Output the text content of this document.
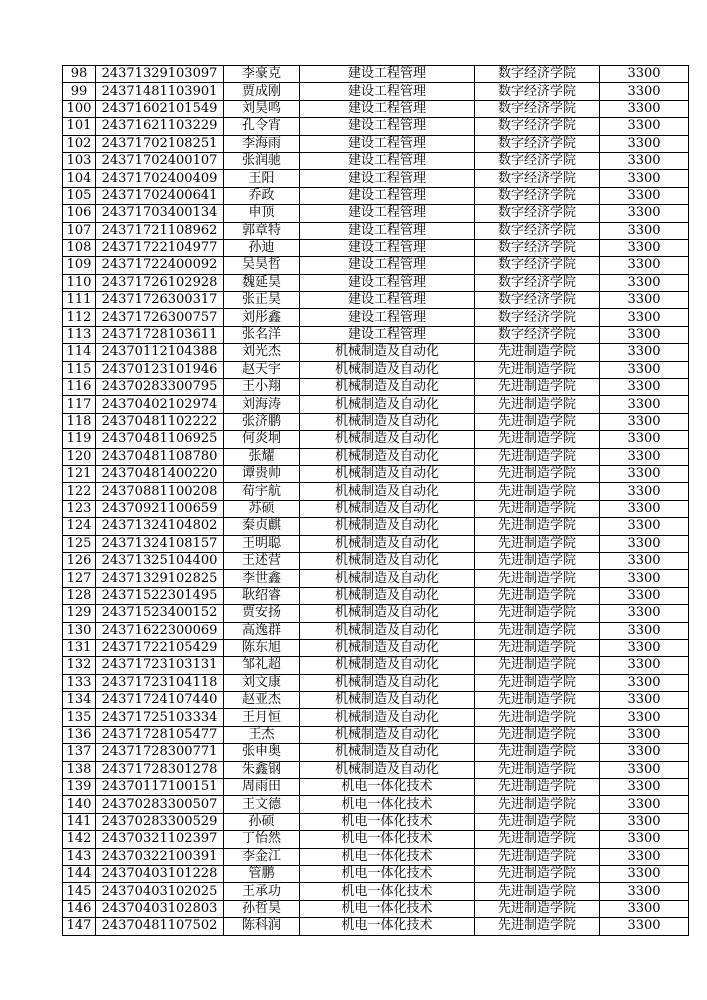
98	24371329103097	李豪克	建设工程管理	数字经济学院	3300
99	24371481103901	贾成刚	建设工程管理	数字经济学院	3300
100	24371602101549	刘昊鸣	建设工程管理	数字经济学院	3300
101	24371621103229	孔令宵	建设工程管理	数字经济学院	3300
102	24371702108251	李海雨	建设工程管理	数字经济学院	3300
103	24371702400107	张润驰	建设工程管理	数字经济学院	3300
104	24371702400409	王阳	建设工程管理	数字经济学院	3300
105	24371702400641	乔政	建设工程管理	数字经济学院	3300
106	24371703400134	申顶	建设工程管理	数字经济学院	3300
107	24371721108962	郭章特	建设工程管理	数字经济学院	3300
108	24371722104977	孙迪	建设工程管理	数字经济学院	3300
109	24371722400092	吴昊哲	建设工程管理	数字经济学院	3300
110	24371726102928	魏延昊	建设工程管理	数字经济学院	3300
111	24371726300317	张正昊	建设工程管理	数字经济学院	3300
112	24371726300757	刘彤鑫	建设工程管理	数字经济学院	3300
113	24371728103611	张名洋	建设工程管理	数字经济学院	3300
114	24370112104388	刘光杰	机械制造及自动化	先进制造学院	3300
115	24370123101946	赵天宇	机械制造及自动化	先进制造学院	3300
116	24370283300795	王小翔	机械制造及自动化	先进制造学院	3300
117	24370402102974	刘海涛	机械制造及自动化	先进制造学院	3300
118	24370481102222	张济鹏	机械制造及自动化	先进制造学院	3300
119	24370481106925	何炎垌	机械制造及自动化	先进制造学院	3300
120	24370481108780	张耀	机械制造及自动化	先进制造学院	3300
121	24370481400220	谭贵帅	机械制造及自动化	先进制造学院	3300
122	24370881100208	荀宇航	机械制造及自动化	先进制造学院	3300
123	24370921100659	苏硕	机械制造及自动化	先进制造学院	3300
124	24371324104802	秦贞麒	机械制造及自动化	先进制造学院	3300
125	24371324108157	王明聪	机械制造及自动化	先进制造学院	3300
126	24371325104400	王述营	机械制造及自动化	先进制造学院	3300
127	24371329102825	李世鑫	机械制造及自动化	先进制造学院	3300
128	24371522301495	耿绍睿	机械制造及自动化	先进制造学院	3300
129	24371523400152	贾安扬	机械制造及自动化	先进制造学院	3300
130	24371622300069	高逸群	机械制造及自动化	先进制造学院	3300
131	24371722105429	陈东旭	机械制造及自动化	先进制造学院	3300
132	24371723103131	邹礼超	机械制造及自动化	先进制造学院	3300
133	24371723104118	刘文康	机械制造及自动化	先进制造学院	3300
134	24371724107440	赵亚杰	机械制造及自动化	先进制造学院	3300
135	24371725103334	王月恒	机械制造及自动化	先进制造学院	3300
136	24371728105477	王杰	机械制造及自动化	先进制造学院	3300
137	24371728300771	张申奥	机械制造及自动化	先进制造学院	3300
138	24371728301278	朱鑫钢	机械制造及自动化	先进制造学院	3300
139	24370117100151	周雨田	机电一体化技术	先进制造学院	3300
140	24370283300507	王文德	机电一体化技术	先进制造学院	3300
141	24370283300529	孙硕	机电一体化技术	先进制造学院	3300
142	24370321102397	丁怡然	机电一体化技术	先进制造学院	3300
143	24370322100391	李金江	机电一体化技术	先进制造学院	3300
144	24370403101228	管鹏	机电一体化技术	先进制造学院	3300
145	24370403102025	王承功	机电一体化技术	先进制造学院	3300
146	24370403102803	孙哲昊	机电一体化技术	先进制造学院	3300
147	24370481107502	陈科润	机电一体化技术	先进制造学院	3300
